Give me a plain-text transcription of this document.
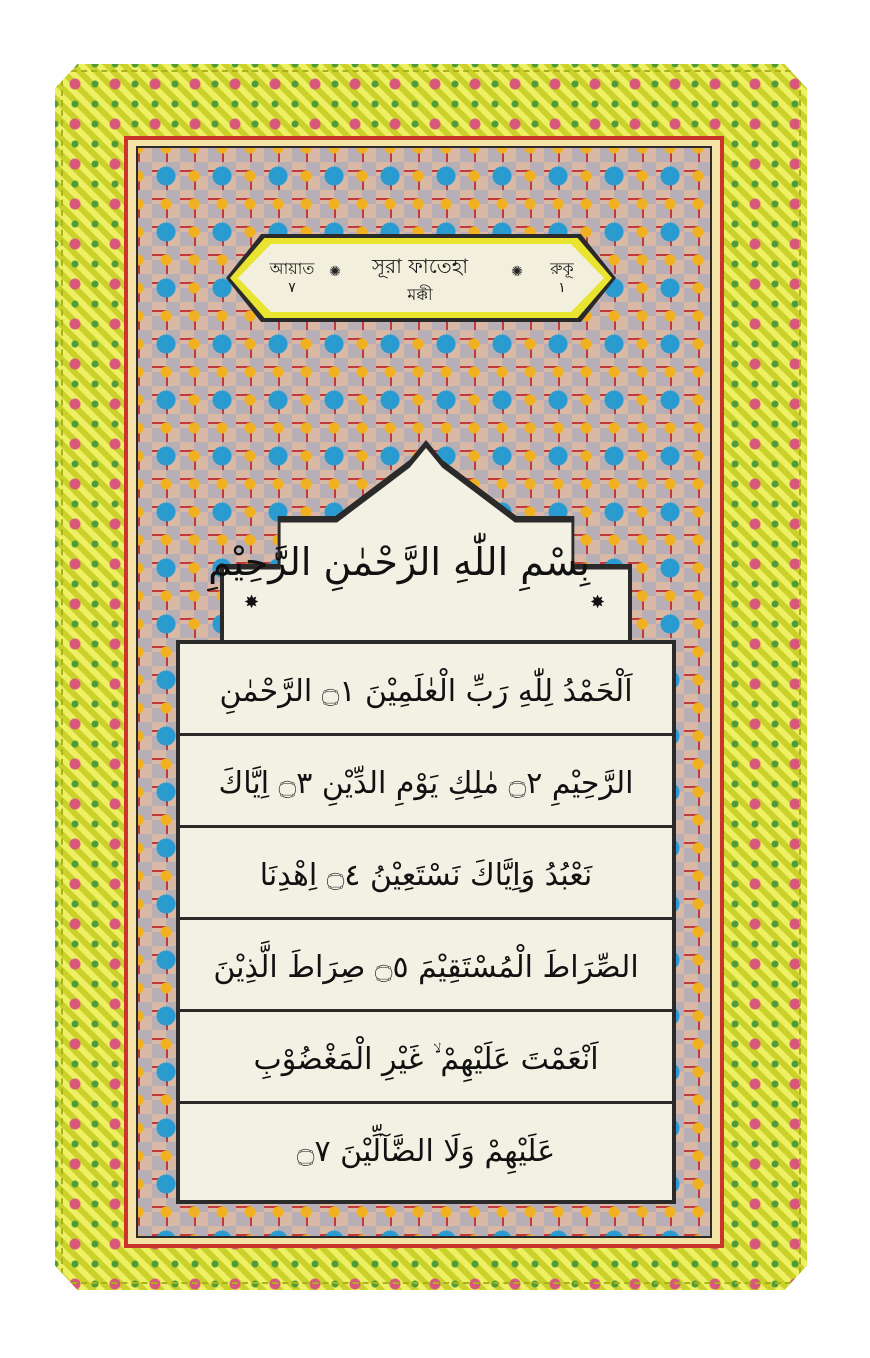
আয়াত
٧
✺	সূরা ফাতেহা
মক্কী
✺	রুকূ
١
✸
بِسْمِ اللّٰهِ الرَّحْمٰنِ الرَّحِيْمِ
✸
اَلْحَمْدُ لِلّٰهِ رَبِّ الْعٰلَمِيْنَ ۝١ الرَّحْمٰنِ
الرَّحِيْمِ ۝٢ مٰلِكِ يَوْمِ الدِّيْنِ ۝٣ اِيَّاكَ
نَعْبُدُ وَاِيَّاكَ نَسْتَعِيْنُ ۝٤ اِهْدِنَا
الصِّرَاطَ الْمُسْتَقِيْمَ ۝٥ صِرَاطَ الَّذِيْنَ
اَنْعَمْتَ عَلَيْهِمْ ۙ غَيْرِ الْمَغْضُوْبِ
عَلَيْهِمْ وَلَا الضَّآلِّيْنَ ۝٧
